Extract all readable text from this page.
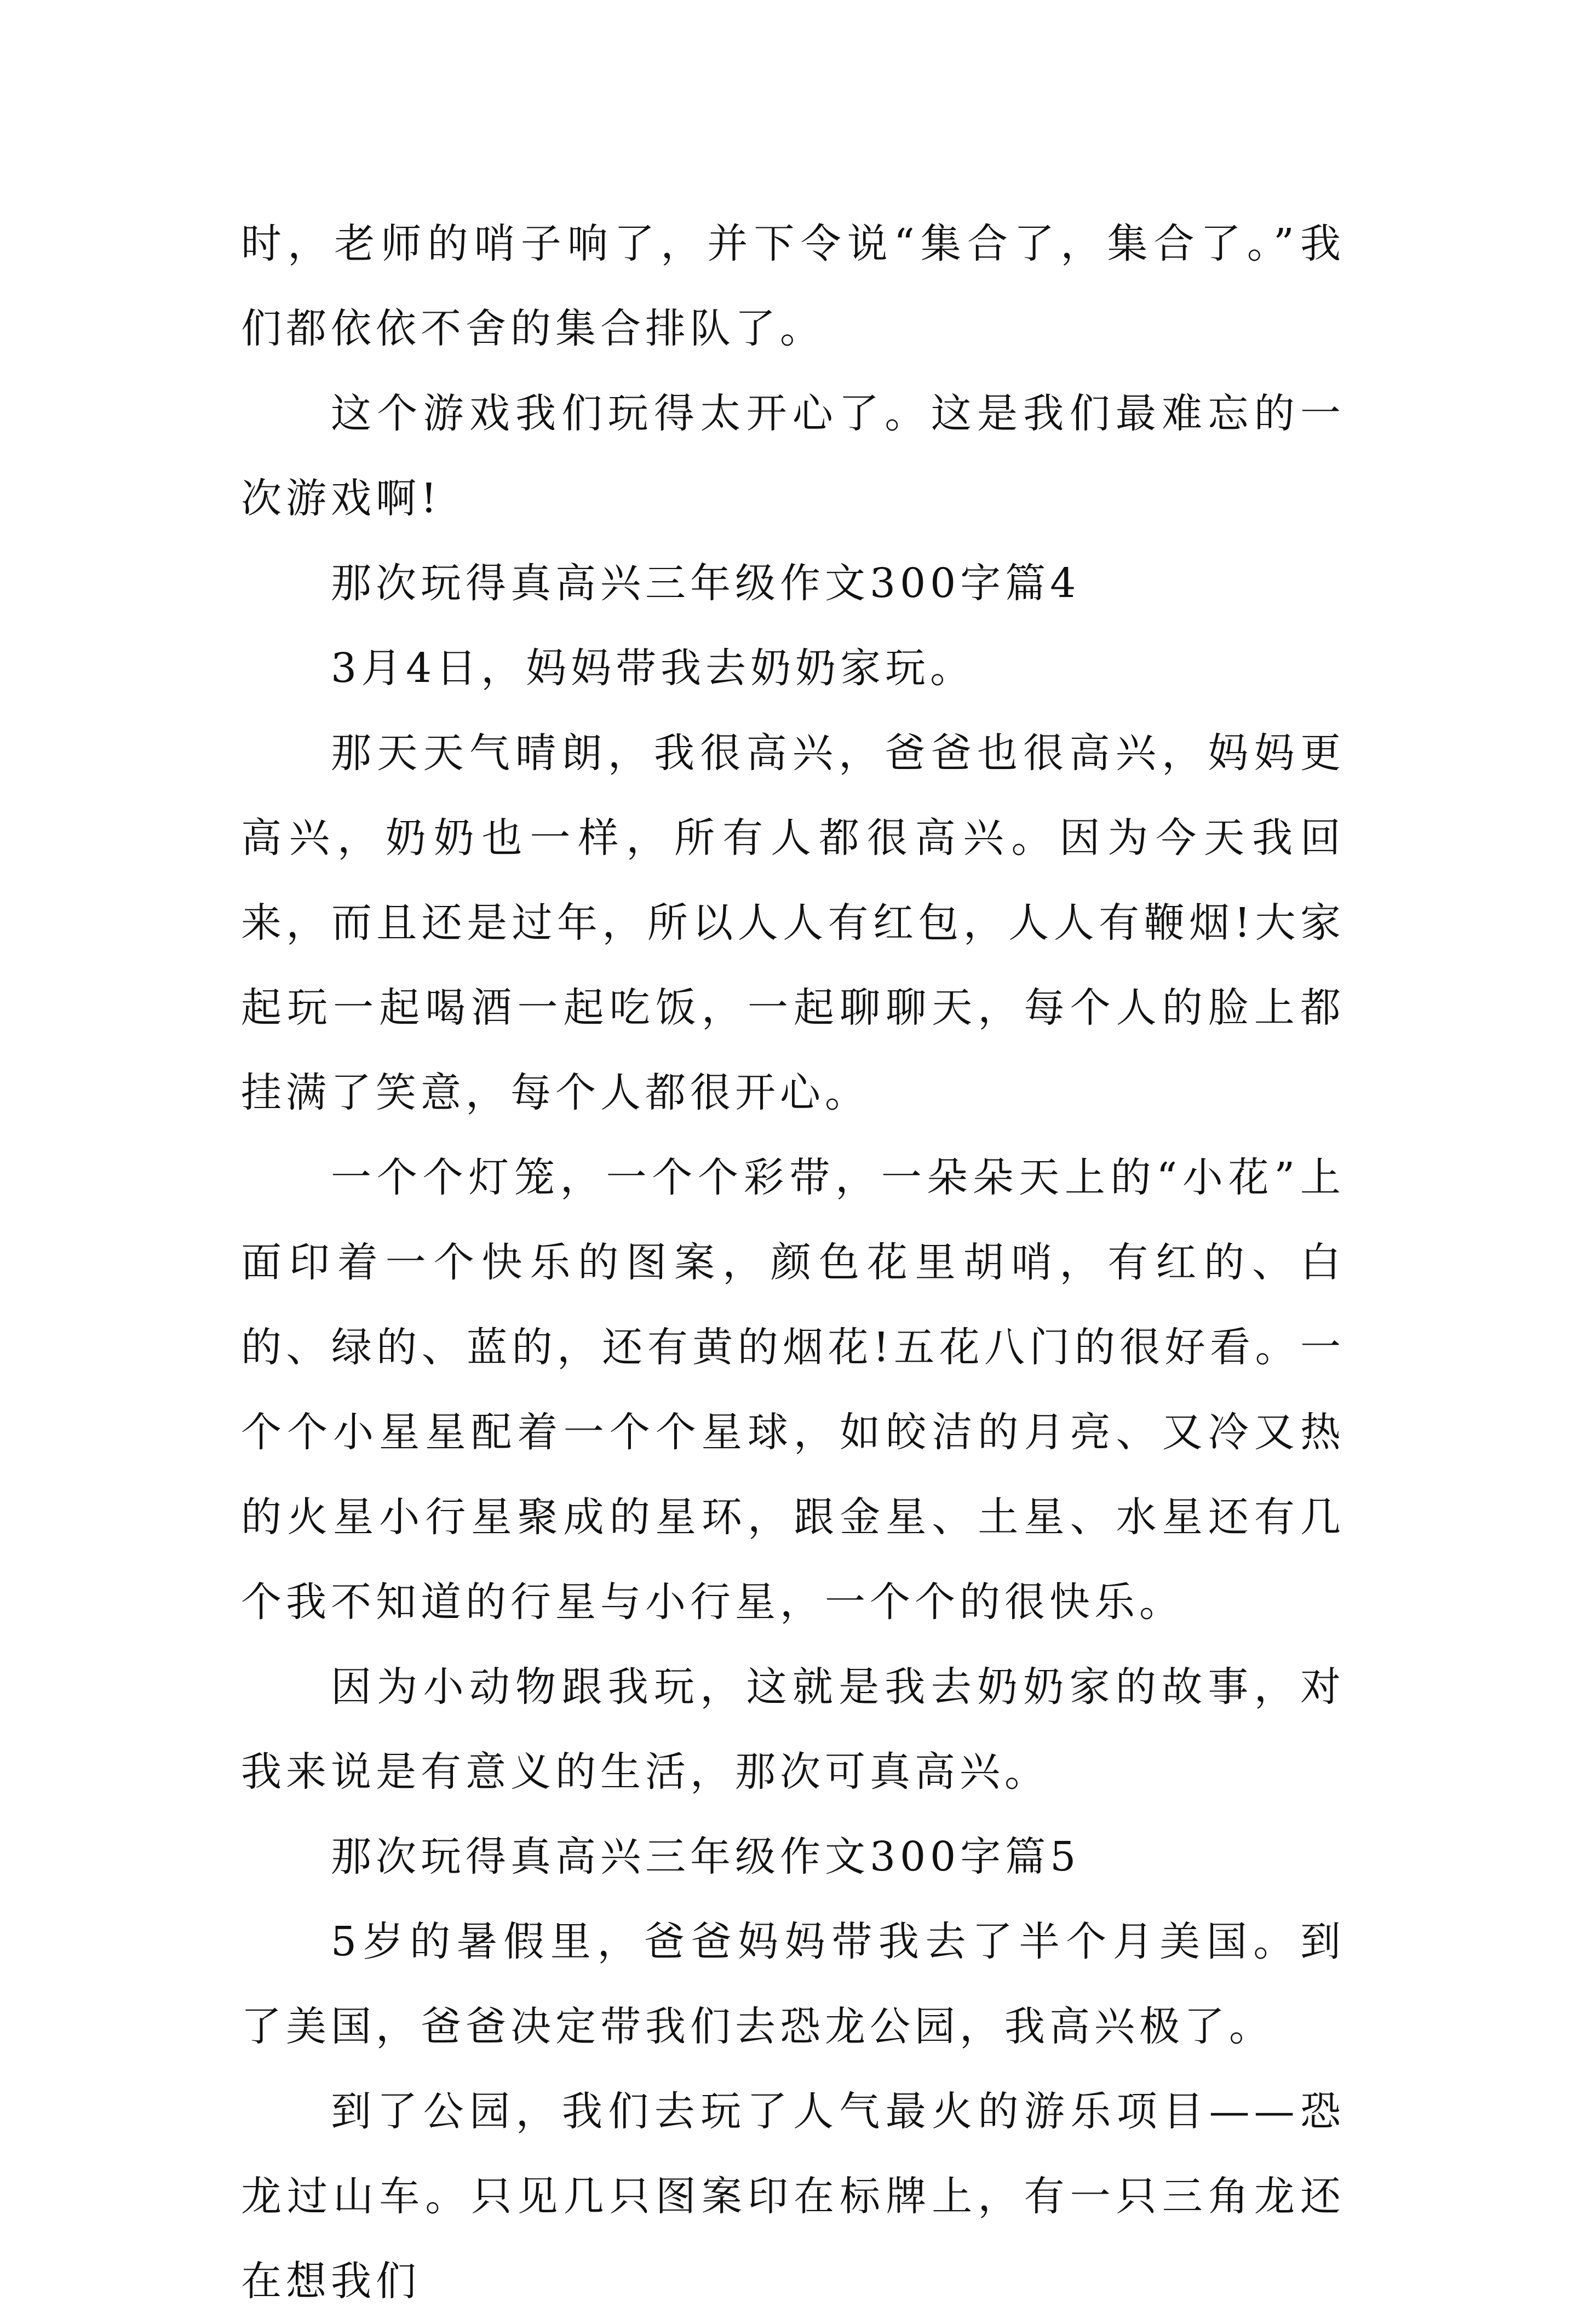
时，老师的哨子响了，并下令说“集合了，集合了。”我们都依依不舍的集合排队了。

这个游戏我们玩得太开心了。这是我们最难忘的一次游戏啊!

那次玩得真高兴三年级作文300字篇4

3月4日，妈妈带我去奶奶家玩。

那天天气晴朗，我很高兴，爸爸也很高兴，妈妈更高兴，奶奶也一样，所有人都很高兴。因为今天我回来，而且还是过年，所以人人有红包，人人有鞭烟!大家起玩一起喝酒一起吃饭，一起聊聊天，每个人的脸上都挂满了笑意，每个人都很开心。

一个个灯笼，一个个彩带，一朵朵天上的“小花”上面印着一个快乐的图案，颜色花里胡哨，有红的、白的、绿的、蓝的，还有黄的烟花!五花八门的很好看。一个个小星星配着一个个星球，如皎洁的月亮、又冷又热的火星小行星聚成的星环，跟金星、土星、水星还有几个我不知道的行星与小行星，一个个的很快乐。

因为小动物跟我玩，这就是我去奶奶家的故事，对我来说是有意义的生活，那次可真高兴。

那次玩得真高兴三年级作文300字篇5

5岁的暑假里，爸爸妈妈带我去了半个月美国。到了美国，爸爸决定带我们去恐龙公园，我高兴极了。

到了公园，我们去玩了人气最火的游乐项目——恐龙过山车。只见几只图案印在标牌上，有一只三角龙还在想我们
